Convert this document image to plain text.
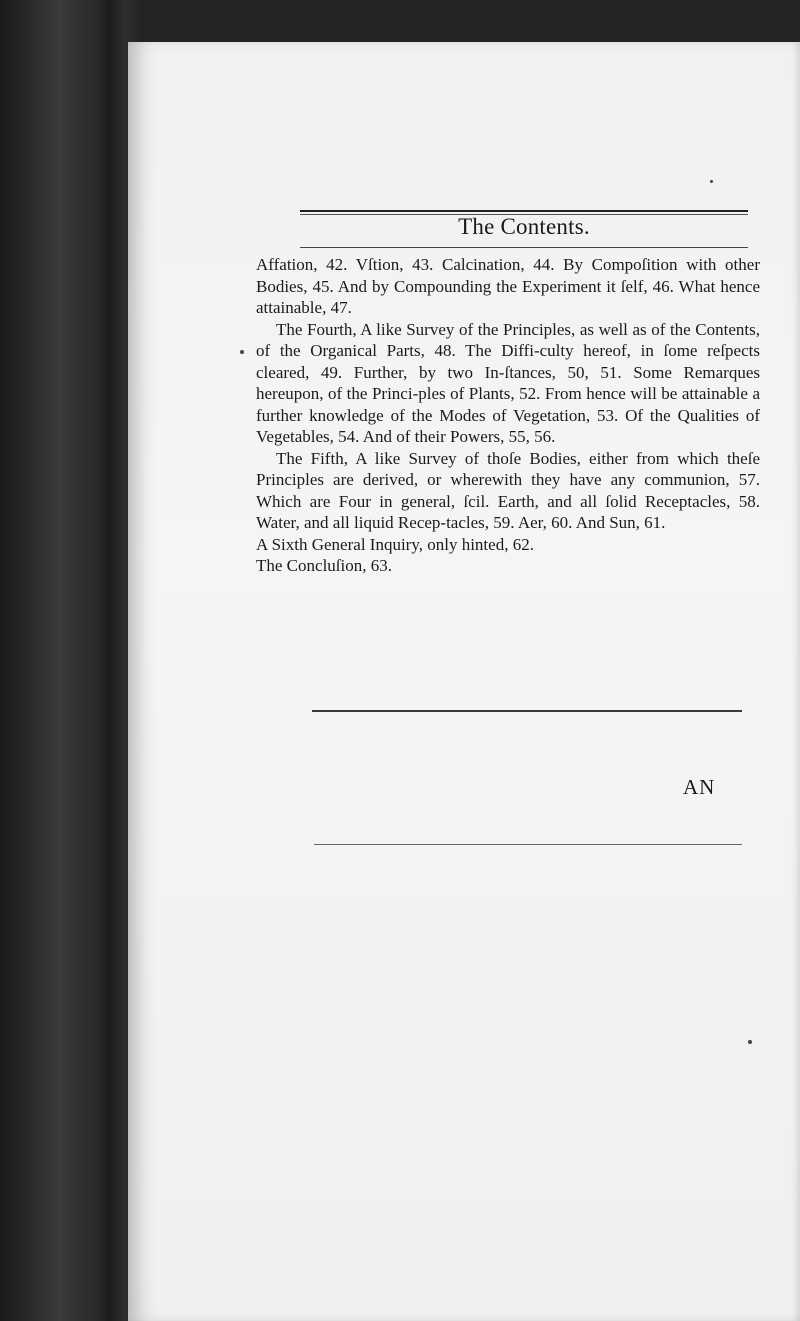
The Contents.

Affation, 42. Vſtion, 43. Calcination, 44. By Compoſition with other Bodies, 45. And by Compounding the Experiment it ſelf, 46. What hence attainable, 47.

The Fourth, A like Survey of the Principles, as well as of the Contents, of the Organical Parts, 48. The Diffi-culty hereof, in ſome reſpects cleared, 49. Further, by two In-ſtances, 50, 51. Some Remarques hereupon, of the Princi-ples of Plants, 52. From hence will be attainable a further knowledge of the Modes of Vegetation, 53. Of the Qualities of Vegetables, 54. And of their Powers, 55, 56.

The Fifth, A like Survey of thoſe Bodies, either from which theſe Principles are derived, or wherewith they have any communion, 57. Which are Four in general, ſcil. Earth, and all ſolid Receptacles, 58. Water, and all liquid Recep-tacles, 59. Aer, 60. And Sun, 61.

A Sixth General Inquiry, only hinted, 62.

The Concluſion, 63.

AN
